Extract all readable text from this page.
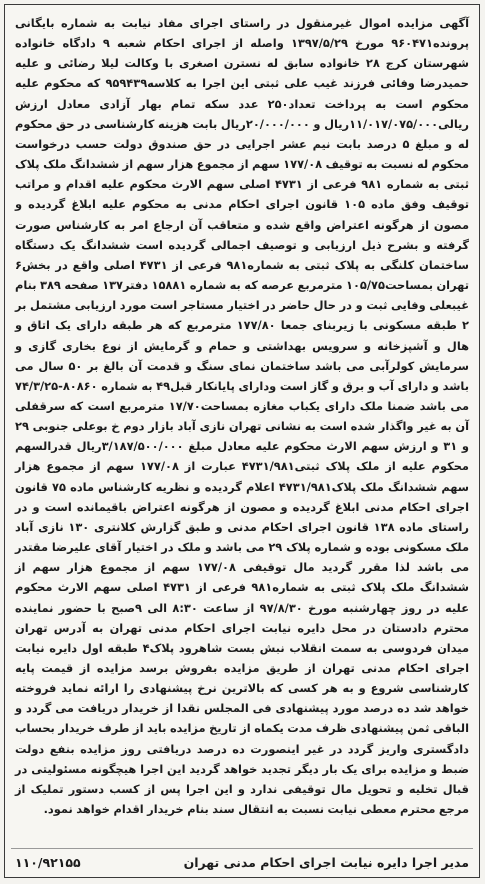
آگهی مزایده اموال غیرمنقول در راستای اجرای مفاد نیابت به شماره بایگانی پرونده۹۶۰۴۷۱ مورخ ۱۳۹۷/۵/۲۹ واصله از اجرای احکام شعبه ۹ دادگاه خانواده شهرستان کرج ۲۸ خانواده سابق له نسترن اصغری با وکالت لیلا رضائی و علیه حمیدرضا وفائی فرزند غیب علی ثبتی این اجرا به کلاسه۹۵۹۴۳۹ که محکوم علیه محکوم است به پرداخت تعداد۲۵۰ عدد سکه تمام بهار آزادی معادل ارزش ریالی۱۱/۰۱۷/۰۷۵/۰۰۰ریال و ۲۰/۰۰۰/۰۰۰ریال بابت هزینه کارشناسی در حق محکوم له و مبلغ ۵ درصد بابت نیم عشر اجرایی در حق صندوق دولت حسب درخواست محکوم له نسبت به توقیف ۱۷۷/۰۸ سهم از مجموع هزار سهم از ششدانگ ملک پلاک ثبتی به شماره ۹۸۱ فرعی از ۴۷۳۱ اصلی سهم الارث محکوم علیه اقدام و مراتب توقیف وفق ماده ۱۰۵ قانون اجرای احکام مدنی به محکوم علیه ابلاغ گردیده و مصون از هرگونه اعتراض واقع شده و متعاقب آن ارجاع امر به کارشناس صورت گرفته و بشرح ذیل ارزیابی و توصیف اجمالی گردیده است ششدانگ یک دستگاه ساختمان کلنگی به پلاک ثبتی به شماره۹۸۱ فرعی از ۴۷۳۱ اصلی واقع در بخش۶ تهران بمساحت۱۰۵/۷۵ مترمربع عرصه که به شماره ۱۵۸۸۱ دفتر۱۳۷ صفحه ۳۸۹ بنام غیبعلی وفایی ثبت و در حال حاضر در اختیار مستاجر است مورد ارزیابی مشتمل بر ۲ طبقه مسکونی با زیربنای جمعا ۱۷۷/۸۰ مترمربع که هر طبقه دارای یک اتاق و هال و آشپزخانه و سرویس بهداشتی و حمام و گرمایش از نوع بخاری گازی و سرمایش کولرآبی می باشد ساختمان نمای سنگ و قدمت آن بالغ بر ۵۰ سال می باشد و دارای آب و برق و گاز است ودارای پایانکار قبل۴۹ به شماره ۸۰۸۶۰-۷۴/۳/۲۵ می باشد ضمنا ملک دارای یکباب مغازه بمساحت۱۷/۷۰ مترمربع است که سرقفلی آن به غیر واگذار شده است به نشانی تهران نازی آباد بازار دوم خ بوعلی جنوبی ۲۹ و ۳۱ و ارزش سهم الارث محکوم علیه معادل مبلغ ۳/۱۸۷/۵۰۰/۰۰۰ریال قدرالسهم محکوم علیه از ملک پلاک ثبتی۴۷۳۱/۹۸۱ عبارت از ۱۷۷/۰۸ سهم از مجموع هزار سهم ششدانگ ملک پلاک۴۷۳۱/۹۸۱ اعلام گردیده و نظریه کارشناس ماده ۷۵ قانون اجرای احکام مدنی ابلاغ گردیده و مصون از هرگونه اعتراض باقیمانده است و در راستای ماده ۱۳۸ قانون اجرای احکام مدنی و طبق گزارش کلانتری ۱۳۰ نازی آباد ملک مسکونی بوده و شماره پلاک ۲۹ می باشد و ملک در اختیار آقای علیرضا مقتدر می باشد لذا مقرر گردید مال توقیفی ۱۷۷/۰۸ سهم از مجموع هزار سهم از ششدانگ ملک پلاک ثبتی به شماره۹۸۱ فرعی از ۴۷۳۱ اصلی سهم الارث محکوم علیه در روز چهارشنبه مورخ ۹۷/۸/۳۰ از ساعت ۸:۳۰ الی ۹صبح با حضور نماینده محترم دادستان در محل دایره نیابت اجرای احکام مدنی تهران به آدرس تهران میدان فردوسی به سمت انقلاب نبش بست شاهرود پلاک۴ طبقه اول دایره نیابت اجرای احکام مدنی تهران از طریق مزایده بفروش برسد مزایده از قیمت پایه کارشناسی شروع و به هر کسی که بالاترین نرخ پیشنهادی را ارائه نماید فروخته خواهد شد ده درصد مورد پیشنهادی فی المجلس نقدا از خریدار دریافت می گردد و الباقی ثمن پیشنهادی ظرف مدت یکماه از تاریخ مزایده باید از طرف خریدار بحساب دادگستری واریز گردد در غیر اینصورت ده درصد دریافتی روز مزایده بنفع دولت ضبط و مزایده برای یک بار دیگر تجدید خواهد گردید این اجرا هیچگونه مسئولیتی در قبال تخلیه و تحویل مال توقیفی ندارد و این اجرا پس از کسب دستور تملیک از مرجع محترم معطی نیابت نسبت به انتقال سند بنام خریدار اقدام خواهد نمود.
مدیر اجرا دایره نیابت اجرای احکام مدنی تهران
۱۱۰/۹۲۱۵۵
